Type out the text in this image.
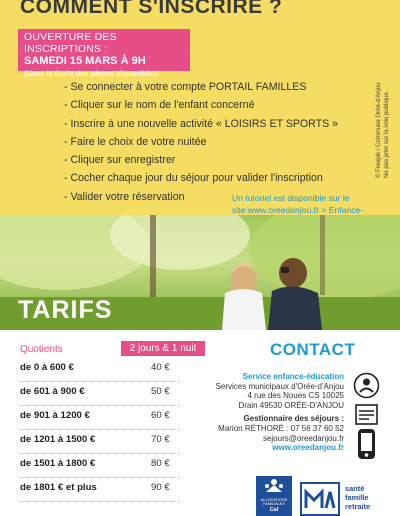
COMMENT S'INSCRIRE ?
OUVERTURE DES INSCRIPTIONS :
SAMEDI 15 MARS À 9H
(dans la limite des places disponibles)
- Se connecter à votre compte PORTAIL FAMILLES
- Cliquer sur le nom de l'enfant concerné
- Inscrire à une nouvelle activité « LOISIRS ET SPORTS »
- Faire le choix de votre nuitée
- Cliquer sur enregistrer
- Cocher chaque jour du séjour pour valider l'inscription
- Valider votre réservation
© Freepik / Commune Orée-d'Anjou Ne pas jeter sur la voie publique.
Un tutoriel est disponible sur le
site www.oreedanjou.fr > Enfance-
TARIFS
Quotients	2 jours & 1 nuit
de 0 à 600 €	40 €
de 601 à 900 €	50 €
de 901 à 1200 €	60 €
de 1201 à 1500 €	70 €
de 1501 à 1800 €	80 €
de 1801 € et plus	90 €
CONTACT
Service enfance-éducation
Services municipaux d'Orée-d'Anjou
4 rue des Noues CS 10025
Drain 49530 ORÉE-D'ANJOU
Gestionnaire des séjours :
Marion RÉTHORÉ : 07 56 37 60 52
sejours@oreedanjou.fr
www.oreedanjou.fr
ALLOCATIONS FAMILIALES
Caf
santé
famille
retraite
